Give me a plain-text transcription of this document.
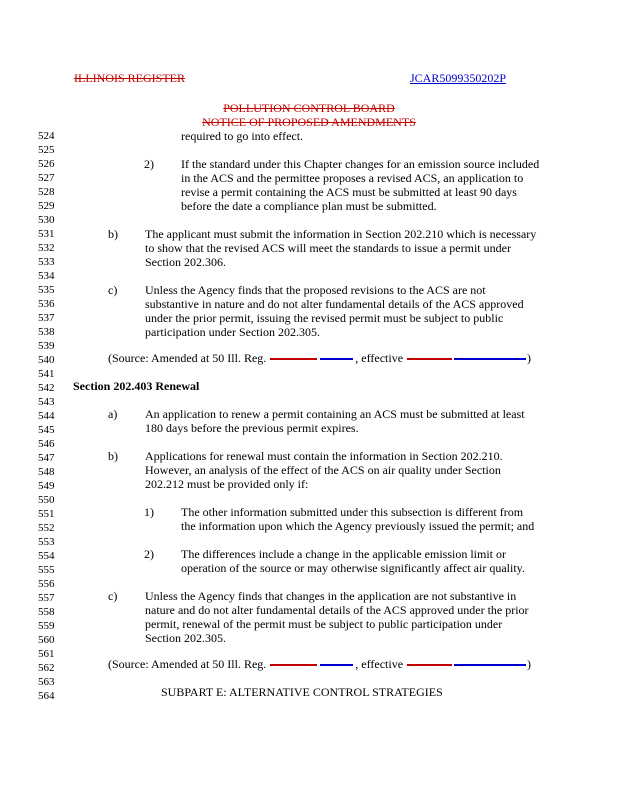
ILLINOIS REGISTER	JCAR5099350202P
POLLUTION CONTROL BOARD
NOTICE OF PROPOSED AMENDMENTS
524
525
526
527
528
529
530
531
532
533
534
535
536
537
538
539
540
541
542
543
544
545
546
547
548
549
550
551
552
553
554
555
556
557
558
559
560
561
562
563
564
required to go into effect.
2) If the standard under this Chapter changes for an emission source included
in the ACS and the permittee proposes a revised ACS, an application to
revise a permit containing the ACS must be submitted at least 90 days
before the date a compliance plan must be submitted.
b) The applicant must submit the information in Section 202.210 which is necessary
to show that the revised ACS will meet the standards to issue a permit under
Section 202.306.
c) Unless the Agency finds that the proposed revisions to the ACS are not
substantive in nature and do not alter fundamental details of the ACS approved
under the prior permit, issuing the revised permit must be subject to public
participation under Section 202.305.
(Source: Amended at 50 Ill. Reg.	, effective	)
Section 202.403 Renewal
a) An application to renew a permit containing an ACS must be submitted at least
180 days before the previous permit expires.
b) Applications for renewal must contain the information in Section 202.210.
However, an analysis of the effect of the ACS on air quality under Section
202.212 must be provided only if:
1) The other information submitted under this subsection is different from
the information upon which the Agency previously issued the permit; and
2) The differences include a change in the applicable emission limit or
operation of the source or may otherwise significantly affect air quality.
c) Unless the Agency finds that changes in the application are not substantive in
nature and do not alter fundamental details of the ACS approved under the prior
permit, renewal of the permit must be subject to public participation under
Section 202.305.
(Source: Amended at 50 Ill. Reg.	, effective	)
SUBPART E: ALTERNATIVE CONTROL STRATEGIES
